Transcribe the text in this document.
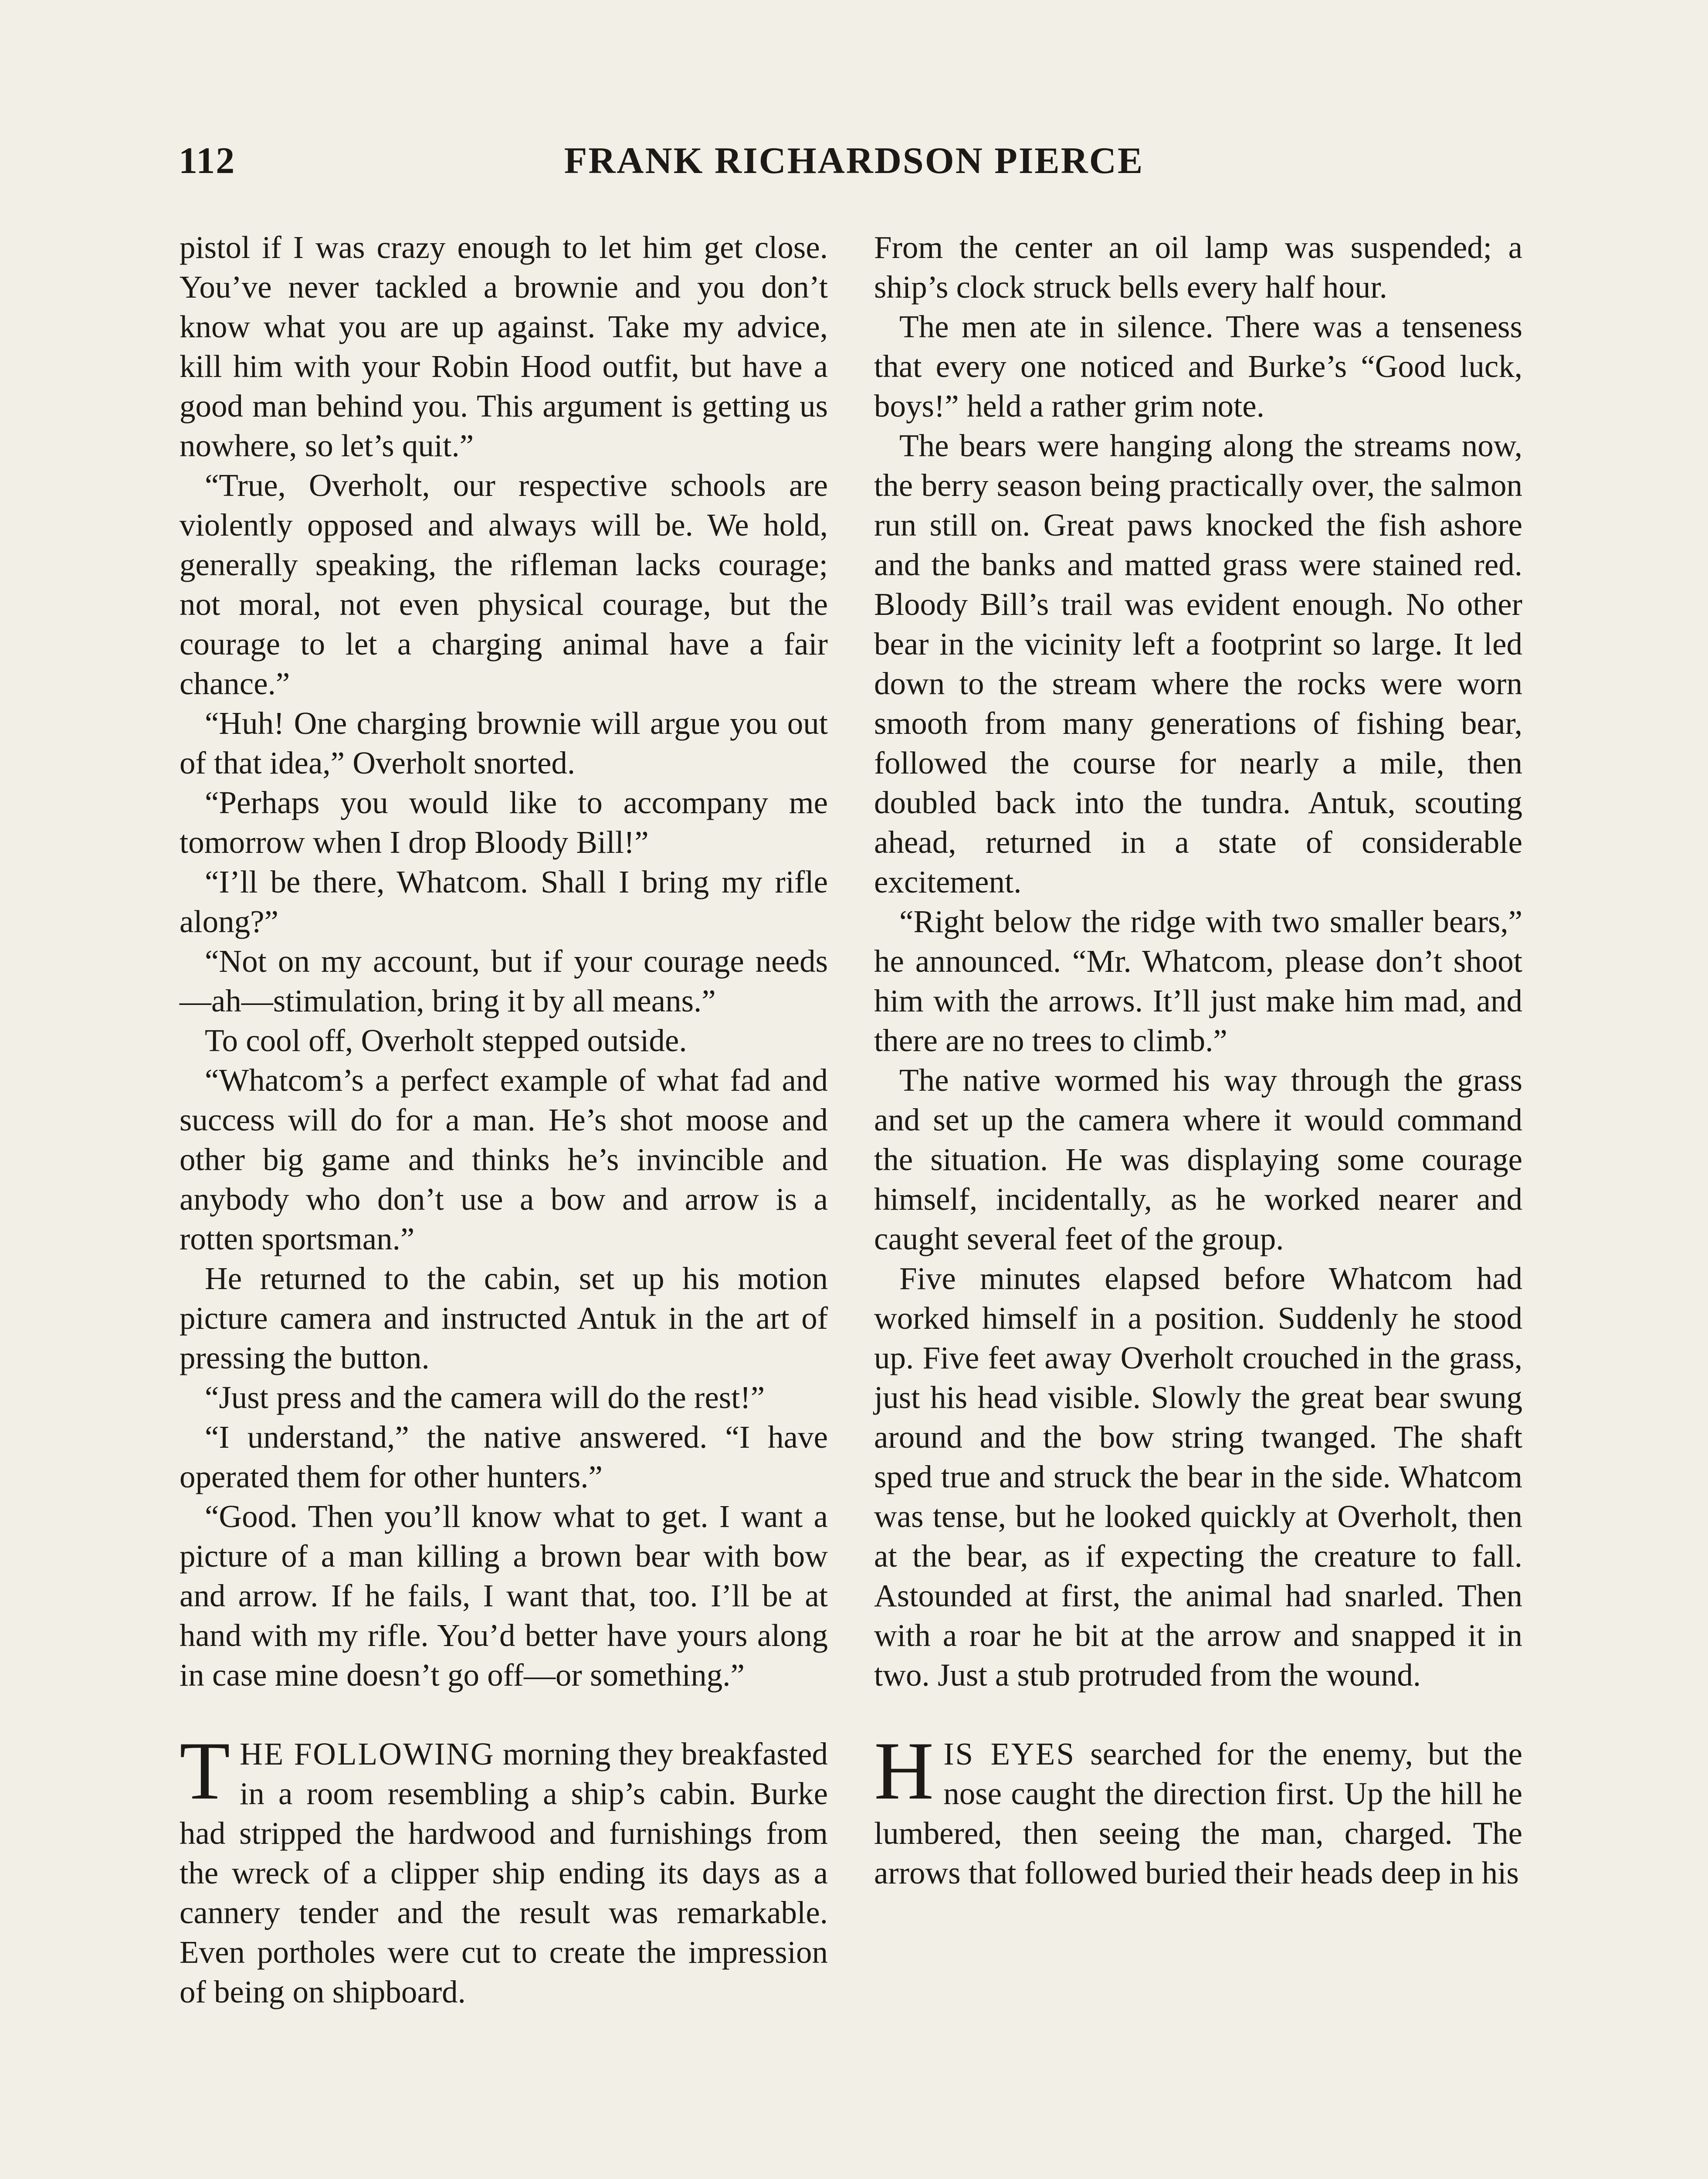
112	FRANK RICHARDSON PIERCE

pistol if I was crazy enough to let him get close. You’ve never tackled a brownie and you don’t know what you are up against. Take my advice, kill him with your Robin Hood outfit, but have a good man behind you. This argument is getting us nowhere, so let’s quit.”

“True, Overholt, our respective schools are violently opposed and always will be. We hold, generally speaking, the rifleman lacks courage; not moral, not even physical courage, but the courage to let a charging animal have a fair chance.”

“Huh! One charging brownie will argue you out of that idea,” Overholt snorted.

“Perhaps you would like to accompany me tomorrow when I drop Bloody Bill!”

“I’ll be there, Whatcom. Shall I bring my rifle along?”

“Not on my account, but if your courage needs—ah—stimulation, bring it by all means.”

To cool off, Overholt stepped outside.

“Whatcom’s a perfect example of what fad and success will do for a man. He’s shot moose and other big game and thinks he’s invincible and anybody who don’t use a bow and arrow is a rotten sportsman.”

He returned to the cabin, set up his motion picture camera and instructed Antuk in the art of pressing the button.

“Just press and the camera will do the rest!”

“I understand,” the native answered. “I have operated them for other hunters.”

“Good. Then you’ll know what to get. I want a picture of a man killing a brown bear with bow and arrow. If he fails, I want that, too. I’ll be at hand with my rifle. You’d better have yours along in case mine doesn’t go off—or something.”

THE FOLLOWING morning they breakfasted in a room resembling a ship’s cabin. Burke had stripped the hardwood and furnishings from the wreck of a clipper ship ending its days as a cannery tender and the result was remarkable. Even portholes were cut to create the impression of being on shipboard.

From the center an oil lamp was suspended; a ship’s clock struck bells every half hour.

The men ate in silence. There was a tenseness that every one noticed and Burke’s “Good luck, boys!” held a rather grim note.

The bears were hanging along the streams now, the berry season being practically over, the salmon run still on. Great paws knocked the fish ashore and the banks and matted grass were stained red. Bloody Bill’s trail was evident enough. No other bear in the vicinity left a footprint so large. It led down to the stream where the rocks were worn smooth from many generations of fishing bear, followed the course for nearly a mile, then doubled back into the tundra. Antuk, scouting ahead, returned in a state of considerable excitement.

“Right below the ridge with two smaller bears,” he announced. “Mr. Whatcom, please don’t shoot him with the arrows. It’ll just make him mad, and there are no trees to climb.”

The native wormed his way through the grass and set up the camera where it would command the situation. He was displaying some courage himself, incidentally, as he worked nearer and caught several feet of the group.

Five minutes elapsed before Whatcom had worked himself in a position. Suddenly he stood up. Five feet away Overholt crouched in the grass, just his head visible. Slowly the great bear swung around and the bow string twanged. The shaft sped true and struck the bear in the side. Whatcom was tense, but he looked quickly at Overholt, then at the bear, as if expecting the creature to fall. Astounded at first, the animal had snarled. Then with a roar he bit at the arrow and snapped it in two. Just a stub protruded from the wound.

HIS EYES searched for the enemy, but the nose caught the direction first. Up the hill he lumbered, then seeing the man, charged. The arrows that followed buried their heads deep in his
